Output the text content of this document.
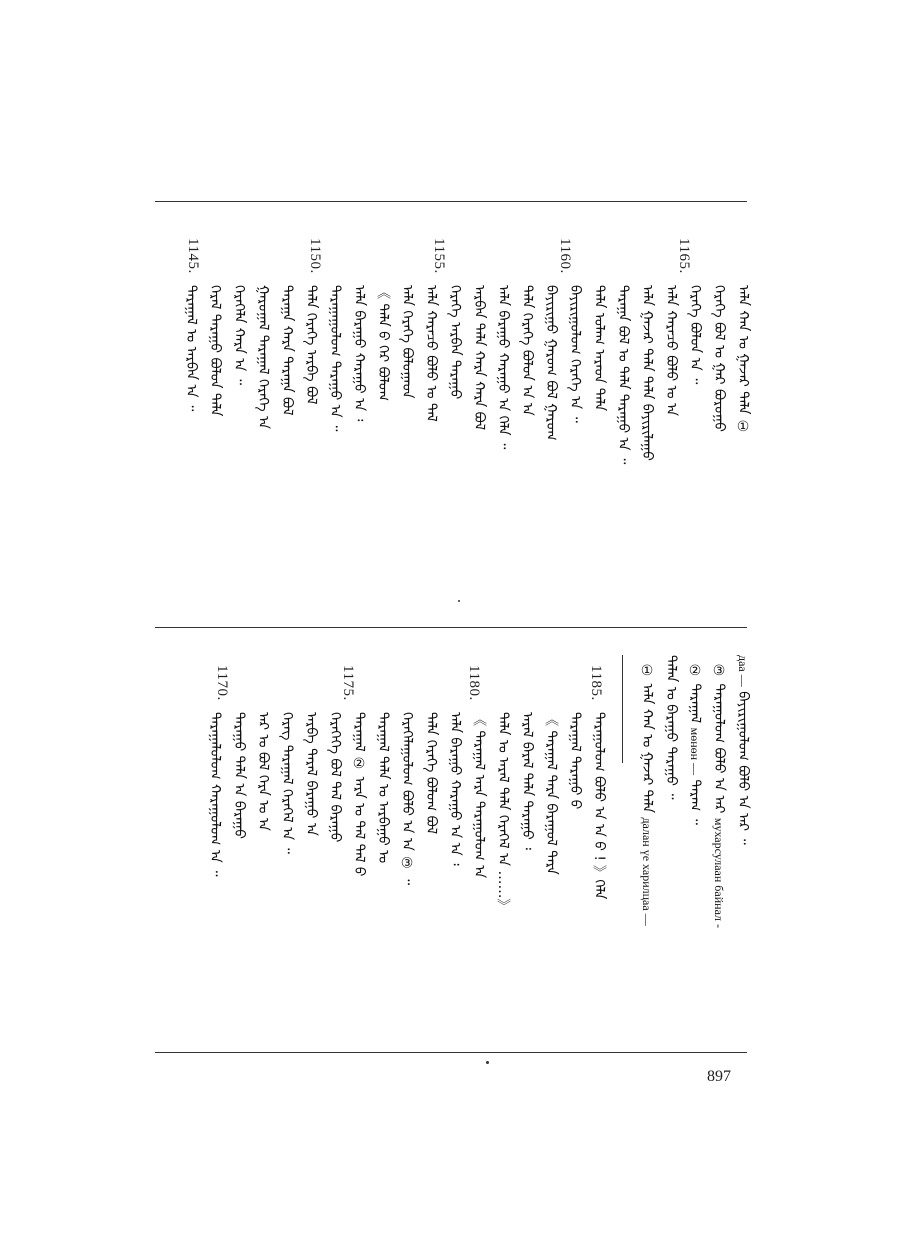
897
1165.
1160.
1155.
1150.
1145.
ᠠᠯᠠ ᠬᠠᠨ ᠤ ᠭᠠᠵᠠᠷ ᠲᠠᠯᠠ ①
ᠭᠡᠷᠡᠭᠡ ᠪᠣᠯ ᠤ ᠭᠠᠷ ᠪᠤᠷᠤᠭᠤ
ᠭᠡᠷᠡᠭᠡ ᠪᠣᠯᠤᠨ ᠠ ᠃
ᠠᠯᠠ ᠬᠠᠷᠠᠴᠤ ᠪᠣᠯᠤ ᠤ ᠠ
ᠠᠯᠠ ᠭᠠᠵᠠᠷ ᠲᠠᠯᠠ ᠲᠠᠯᠠ ᠪᠠᠶᠢᠷᠢᠯᠠᠭᠤ
ᠲᠠᠷᠠᠭᠠ ᠪᠣᠯ ᠤ ᠲᠠᠯᠠ ᠲᠠᠷᠠᠭᠤ ᠠ ᠃
ᠲᠠᠯᠠ ᠤᠯᠠᠭ ᠠᠷᠠᠳ ᠲᠠᠯᠠ
ᠪᠠᠶᠢᠷᠢᠭᠤᠯᠤᠭ ᠭᠡᠷᠡᠭᠡ ᠠ ᠃
ᠪᠠᠶᠢᠷᠢᠭᠤ ᠭᠠᠷᠤᠭ ᠪᠣᠯ ᠭᠠᠷᠤᠭ
ᠲᠠᠯᠠ ᠭᠡᠷᠡᠭᠡ ᠪᠣᠯᠤᠨ ᠠ ᠠ
ᠠᠯᠠ ᠪᠠᠷᠠᠭᠤ ᠬᠠᠷᠠᠭᠤ ᠠ ᠬᠡᠯᠡ ᠃
ᠠᠷᠪᠠᠨ ᠲᠠᠯᠠ ᠬᠠᠷᠠ ᠬᠠᠷᠠ ᠪᠣᠯ
ᠭᠡᠷᠡᠭᠡ ᠠᠷᠪᠠᠨ ᠲᠠᠷᠠᠭᠤ
ᠠᠯᠠ ᠬᠠᠷᠠᠴᠤ ᠪᠣᠯᠤ ᠤ ᠲᠠᠯ
ᠠᠯᠠ ᠭᠡᠷᠡᠭᠡ ᠪᠣᠯᠤᠭᠠᠳ
《 ᠲᠠᠯᠠ ᠪ ᠭᠡᠷ ᠪᠣᠯᠤᠭ
ᠠᠯᠠ ᠪᠠᠷᠠᠭᠤ ᠬᠠᠷᠠᠭᠤ ᠠ ᠄
ᠲᠠᠷᠠᠭᠠᠭᠤᠯᠤᠭ ᠲᠠᠷᠠᠭᠤ ᠠ ᠃
ᠲᠠᠯᠠ ᠭᠡᠷᠡᠭᠡ ᠠᠷᠪᠠ ᠪᠣᠯ
ᠲᠠᠷᠠᠭᠠ ᠬᠠᠷᠠ ᠲᠠᠷᠠᠭᠠ ᠪᠣᠯ
ᠭᠠᠷᠤᠭᠠᠯ ᠲᠠᠷᠠᠭᠠᠯ ᠭᠡᠷᠡᠭᠡ ᠠ
ᠭᠡᠷᠡᠭᠡᠯᠡ ᠬᠠᠷᠠ ᠠ ᠃
ᠭᠡᠷᠡᠯ ᠲᠠᠷᠠᠭᠤ ᠪᠣᠯᠤᠨ ᠲᠠᠯᠠ
ᠲᠠᠷᠠᠭᠠᠯ ᠤ ᠠᠷᠪᠠᠨ ᠠ ᠃
даа — ᠪᠠᠶᠢᠷᠢᠭᠤᠯᠤᠭ ᠪᠣᠯᠤ ᠠ ᠠᠷ ᠃
③ ᠲᠠᠷᠠᠭᠤᠯᠤᠭ ᠪᠣᠯᠤ ᠠ ᠠᠷ мухарсулаан байнал -
② ᠲᠠᠷᠠᠭᠠᠯ мөнөн — ᠲᠠᠷᠠᠭ ᠃
ᠲᠠᠯᠠᠨ ᠤ ᠪᠠᠷᠠᠭᠤ ᠲᠠᠷᠠᠭᠤ ᠃
① ᠠᠯᠠ ᠬᠠᠨ ᠤ ᠭᠠᠵᠠᠷ ᠲᠠᠯᠠ далан үе харилцаа —
1185.
1180.
1175.
1170.
ᠲᠠᠷᠠᠭᠤᠯᠤᠭ ᠪᠣᠯᠤ ᠠ ᠠ ᠪ ! 》ᠭᠡᠯᠡ
ᠲᠠᠷᠠᠭᠠᠯ ᠲᠠᠷᠠᠭᠤ ᠪ
《 ᠲᠠᠷᠠᠭᠠᠯ ᠲᠠᠷᠠ ᠪᠠᠷᠠᠭᠤᠯ ᠲᠠᠷᠠ
ᠠᠷᠠᠯ ᠪᠠᠷᠠᠯ ᠲᠠᠯᠠ ᠲᠠᠷᠠᠭᠤ ᠄
ᠲᠠᠯᠠ ᠤ ᠠᠷᠠᠯ ᠲᠠᠯᠠ ᠭᠡᠷᠡᠭᠡᠯ ᠠ ……》
《 ᠲᠠᠷᠠᠭᠠᠯ ᠠᠷᠠ ᠲᠠᠷᠠᠭᠤᠯᠤᠭ ᠠ
ᠠᠯᠠ ᠪᠠᠷᠠᠭᠤ ᠬᠠᠷᠠᠭᠤ ᠠ ᠠ ᠄
ᠲᠠᠯᠠ ᠭᠡᠷᠡᠭᠡ ᠪᠣᠯᠤᠭ ᠪᠣᠯ
ᠭᠡᠷᠡᠭᠡᠯᠡᠭᠤᠯᠤᠭ ᠪᠣᠯᠤ ᠠ ᠠ ③ ᠃
ᠲᠠᠷᠠᠭᠠᠯ ᠲᠠᠯᠠ ᠤ ᠠᠷᠪᠠᠭᠤ ᠤ
ᠲᠠᠷᠠᠭᠠᠯ ② ᠠᠷᠠ ᠤ ᠲᠠᠯ ᠲᠠᠯ ᠪ
ᠭᠡᠷᠡᠭᠡᠭᠡ ᠪᠣᠯ ᠲᠠᠯ ᠪᠠᠷᠠᠭᠤ
ᠠᠷᠪᠠ ᠲᠠᠷᠠᠯ ᠪᠠᠷᠠᠭᠤ ᠠ
ᠭᠡᠷᠡᠭ ᠲᠠᠷᠠᠭᠠᠯ ᠭᠡᠷᠡᠭᠡᠯ ᠠ ᠃
ᠠᠷ ᠤ ᠪᠣᠯ ᠭᠡᠷᠡ ᠤ ᠠ
ᠲᠠᠷᠠᠭᠤ ᠲᠠᠯᠠ ᠠ ᠪᠠᠷᠠᠭᠤ
ᠲᠠᠷᠠᠭᠠᠯᠤᠯᠤᠭ ᠬᠠᠷᠠᠭᠤᠯᠤᠭ ᠠ ᠃
